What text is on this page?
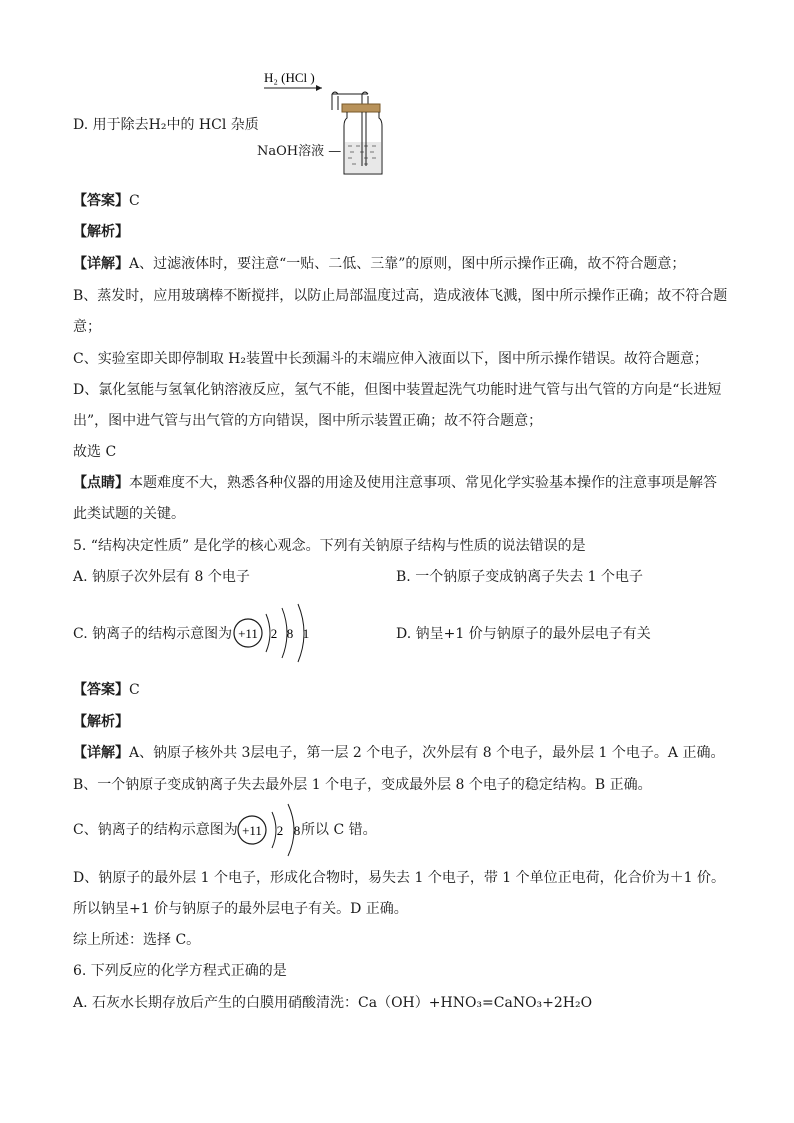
D. 用于除去H₂中的 HCl 杂质
H₂ (HCl )
NaOH溶液 —
【答案】C
【解析】
【详解】A、过滤液体时，要注意“一贴、二低、三靠”的原则，图中所示操作正确，故不符合题意；
B、蒸发时，应用玻璃棒不断搅拌，以防止局部温度过高，造成液体飞溅，图中所示操作正确；故不符合题
意；
C、实验室即关即停制取 H₂装置中长颈漏斗的末端应伸入液面以下，图中所示操作错误。故符合题意；
D、氯化氢能与氢氧化钠溶液反应，氢气不能，但图中装置起洗气功能时进气管与出气管的方向是“长进短
出”，图中进气管与出气管的方向错误，图中所示装置正确；故不符合题意；
故选 C
【点睛】本题难度不大，熟悉各种仪器的用途及使用注意事项、常见化学实验基本操作的注意事项是解答
此类试题的关键。
5. “结构决定性质” 是化学的核心观念。下列有关钠原子结构与性质的说法错误的是
A. 钠原子次外层有 8 个电子	B. 一个钠原子变成钠离子失去 1 个电子
C. 钠离子的结构示意图为 +11 2 8 1	D. 钠呈+1 价与钠原子的最外层电子有关
【答案】C
【解析】
【详解】A、钠原子核外共 3层电子，第一层 2 个电子，次外层有 8 个电子，最外层 1 个电子。A 正确。
B、一个钠原子变成钠离子失去最外层 1 个电子，变成最外层 8 个电子的稳定结构。B 正确。
C、钠离子的结构示意图为 +11 2 8 所以 C 错。
D、钠原子的最外层 1 个电子，形成化合物时，易失去 1 个电子，带 1 个单位正电荷，化合价为＋1 价。
所以钠呈+1 价与钠原子的最外层电子有关。D 正确。
综上所述：选择 C。
6. 下列反应的化学方程式正确的是
A. 石灰水长期存放后产生的白膜用硝酸清洗：Ca（OH）+HNO₃=CaNO₃+2H₂O
